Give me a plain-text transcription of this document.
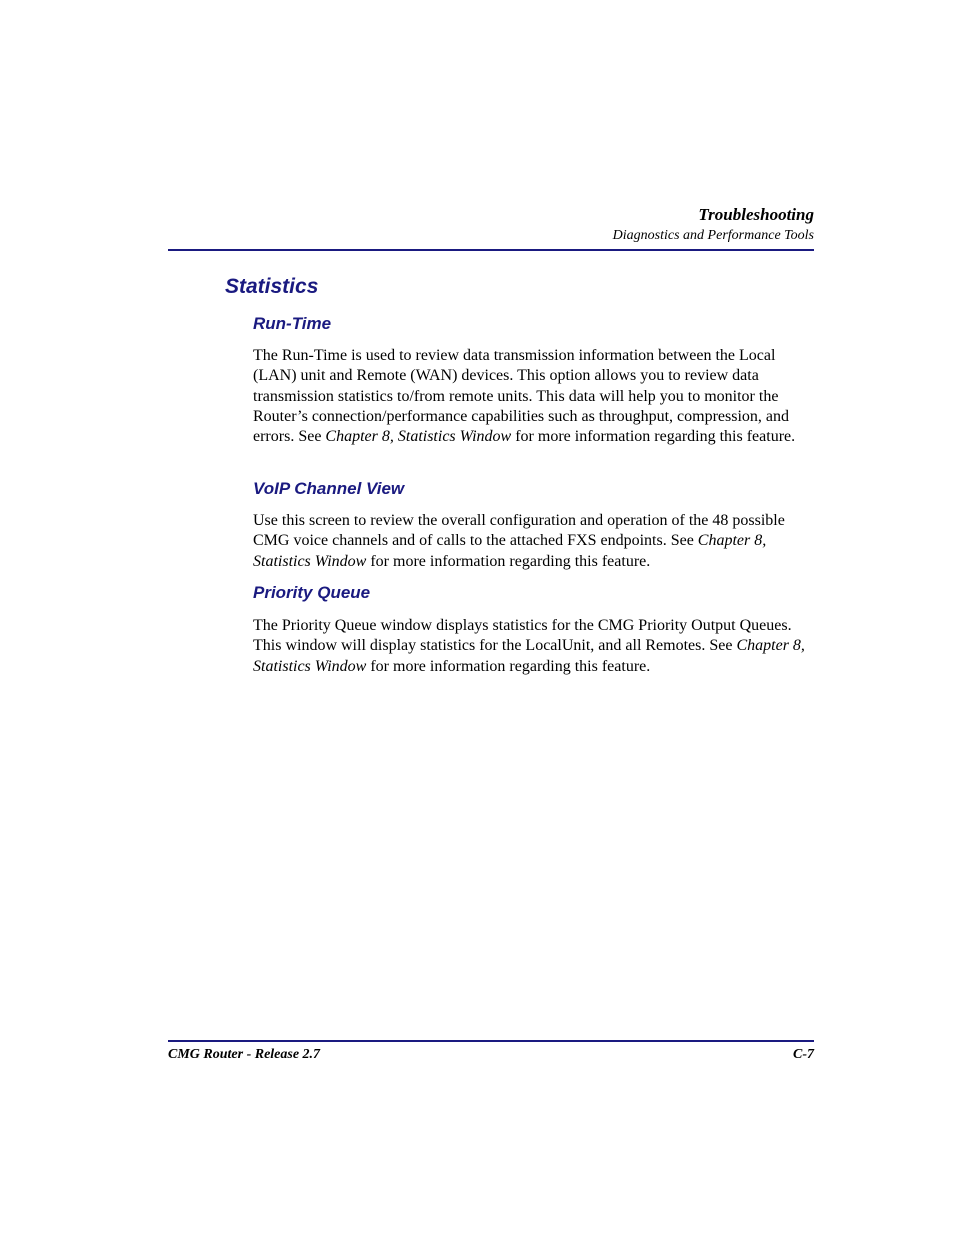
Troubleshooting
Diagnostics and Performance Tools
Statistics
Run-Time

The Run-Time is used to review data transmission information between the Local (LAN) unit and Remote (WAN) devices. This option allows you to review data transmission statistics to/from remote units. This data will help you to monitor the Router’s connection/performance capabilities such as throughput, compression, and errors. See Chapter 8, Statistics Window for more information regarding this feature.

VoIP Channel View

Use this screen to review the overall configuration and operation of the 48 possible CMG voice channels and of calls to the attached FXS endpoints. See Chapter 8, Statistics Window for more information regarding this feature.

Priority Queue

The Priority Queue window displays statistics for the CMG Priority Output Queues. This window will display statistics for the LocalUnit, and all Remotes. See Chapter 8, Statistics Window for more information regarding this feature.

CMG Router - Release 2.7	C-7
